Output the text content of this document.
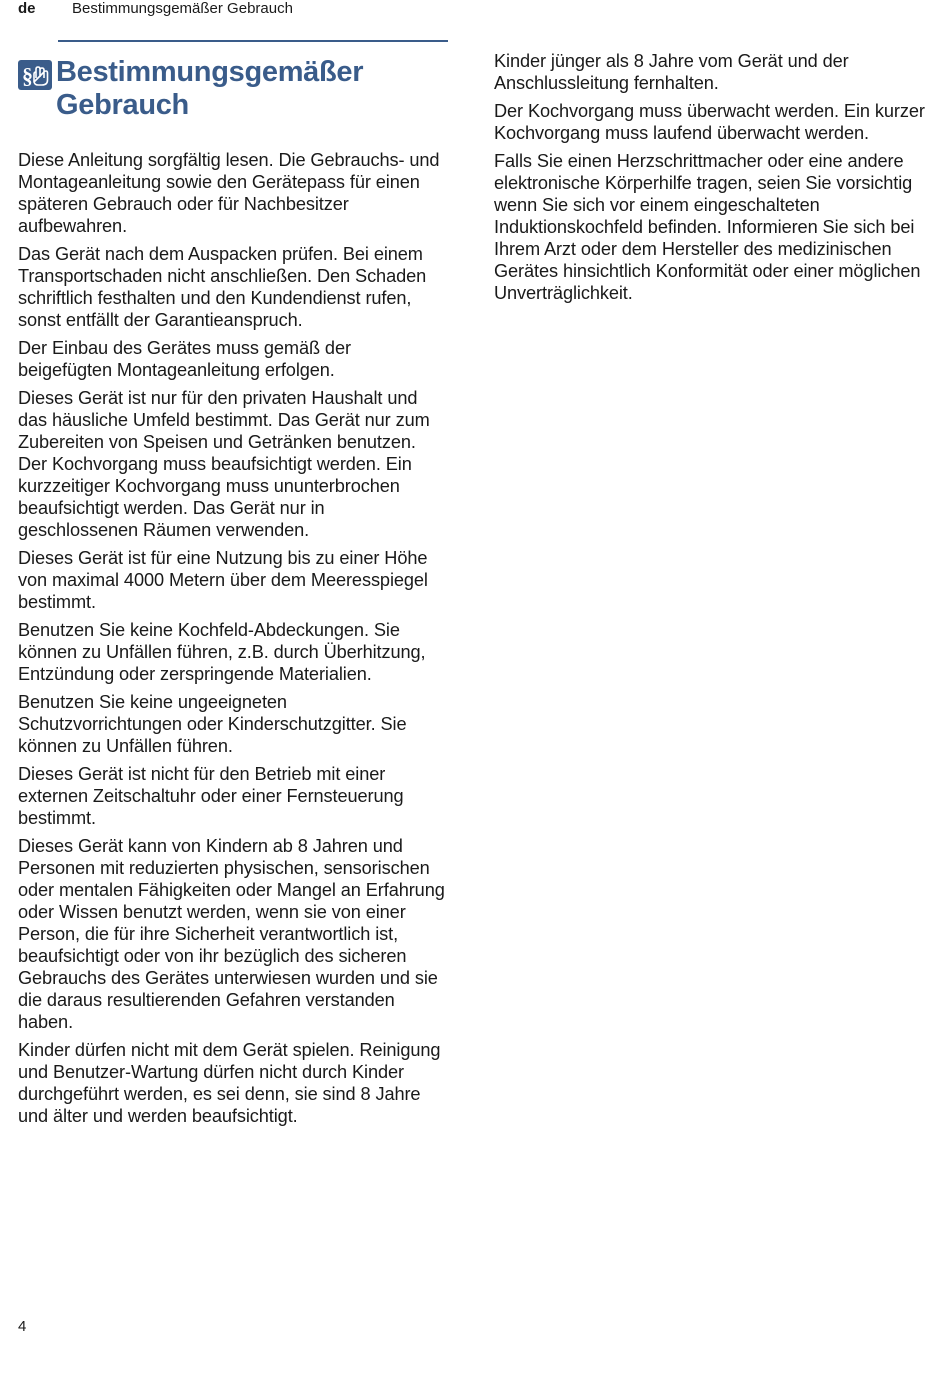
de Bestimmungsgemäßer Gebrauch
§ Bestimmungsgemäßer
Gebrauch

Diese Anleitung sorgfältig lesen. Die Gebrauchs- und Montageanleitung sowie den Gerätepass für einen späteren Gebrauch oder für Nachbesitzer aufbewahren.

Das Gerät nach dem Auspacken prüfen. Bei einem Transportschaden nicht anschließen. Den Schaden schriftlich festhalten und den Kundendienst rufen, sonst entfällt der Garantieanspruch.

Der Einbau des Gerätes muss gemäß der beigefügten Montageanleitung erfolgen.

Dieses Gerät ist nur für den privaten Haushalt und das häusliche Umfeld bestimmt. Das Gerät nur zum Zubereiten von Speisen und Getränken benutzen. Der Kochvorgang muss beaufsichtigt werden. Ein kurzzeitiger Kochvorgang muss ununterbrochen beaufsichtigt werden. Das Gerät nur in geschlossenen Räumen verwenden.

Dieses Gerät ist für eine Nutzung bis zu einer Höhe von maximal 4000 Metern über dem Meeresspiegel bestimmt.

Benutzen Sie keine Kochfeld-Abdeckungen. Sie können zu Unfällen führen, z.B. durch Überhitzung, Entzündung oder zerspringende Materialien.

Benutzen Sie keine ungeeigneten Schutzvorrichtungen oder Kinderschutzgitter. Sie können zu Unfällen führen.

Dieses Gerät ist nicht für den Betrieb mit einer externen Zeitschaltuhr oder einer Fernsteuerung bestimmt.

Dieses Gerät kann von Kindern ab 8 Jahren und Personen mit reduzierten physischen, sensorischen oder mentalen Fähigkeiten oder Mangel an Erfahrung oder Wissen benutzt werden, wenn sie von einer Person, die für ihre Sicherheit verantwortlich ist, beaufsichtigt oder von ihr bezüglich des sicheren Gebrauchs des Gerätes unterwiesen wurden und sie die daraus resultierenden Gefahren verstanden haben.

Kinder dürfen nicht mit dem Gerät spielen. Reinigung und Benutzer-Wartung dürfen nicht durch Kinder durchgeführt werden, es sei denn, sie sind 8 Jahre und älter und werden beaufsichtigt.

Kinder jünger als 8 Jahre vom Gerät und der Anschlussleitung fernhalten.

Der Kochvorgang muss überwacht werden. Ein kurzer Kochvorgang muss laufend überwacht werden.

Falls Sie einen Herzschrittmacher oder eine andere elektronische Körperhilfe tragen, seien Sie vorsichtig wenn Sie sich vor einem eingeschalteten Induktionskochfeld befinden. Informieren Sie sich bei Ihrem Arzt oder dem Hersteller des medizinischen Gerätes hinsichtlich Konformität oder einer möglichen Unverträglichkeit.

4
